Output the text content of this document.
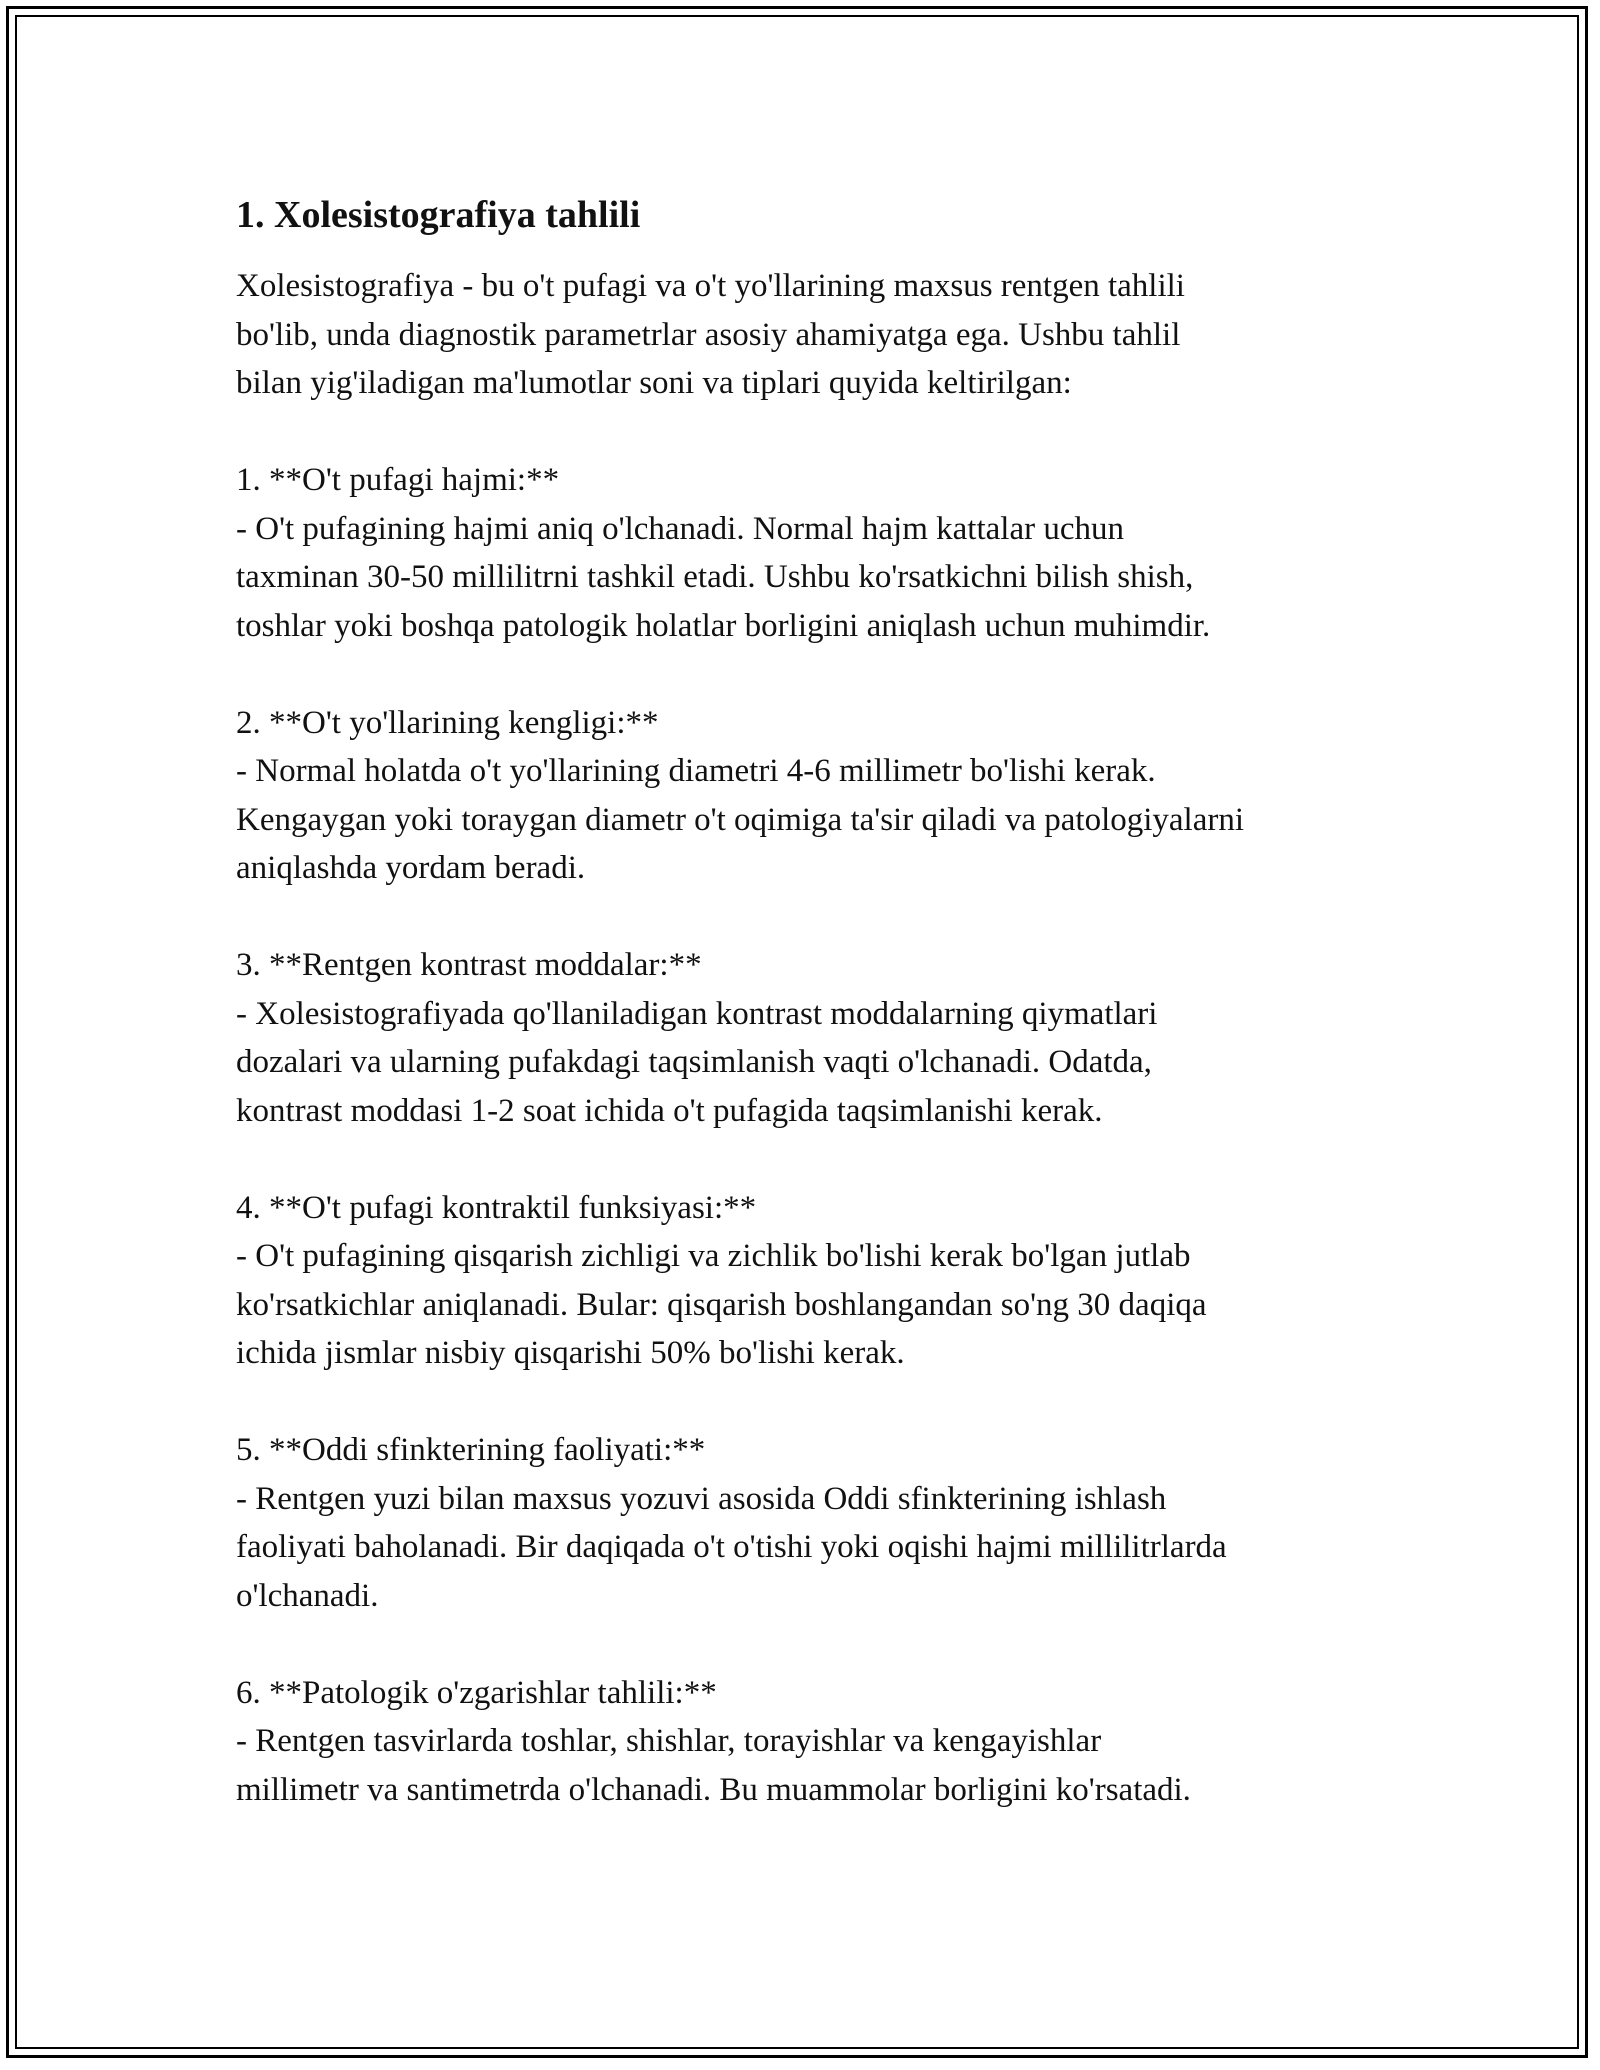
1. Xolesistografiya tahlili

Xolesistografiya - bu o't pufagi va o't yo'llarining maxsus rentgen tahlili
bo'lib, unda diagnostik parametrlar asosiy ahamiyatga ega. Ushbu tahlil
bilan yig'iladigan ma'lumotlar soni va tiplari quyida keltirilgan:

1. **O't pufagi hajmi:**
- O't pufagining hajmi aniq o'lchanadi. Normal hajm kattalar uchun
taxminan 30-50 millilitrni tashkil etadi. Ushbu ko'rsatkichni bilish shish,
toshlar yoki boshqa patologik holatlar borligini aniqlash uchun muhimdir.
2. **O't yo'llarining kengligi:**
- Normal holatda o't yo'llarining diametri 4-6 millimetr bo'lishi kerak.
Kengaygan yoki toraygan diametr o't oqimiga ta'sir qiladi va patologiyalarni
aniqlashda yordam beradi.
3. **Rentgen kontrast moddalar:**
- Xolesistografiyada qo'llaniladigan kontrast moddalarning qiymatlari
dozalari va ularning pufakdagi taqsimlanish vaqti o'lchanadi. Odatda,
kontrast moddasi 1-2 soat ichida o't pufagida taqsimlanishi kerak.
4. **O't pufagi kontraktil funksiyasi:**
- O't pufagining qisqarish zichligi va zichlik bo'lishi kerak bo'lgan jutlab
ko'rsatkichlar aniqlanadi. Bular: qisqarish boshlangandan so'ng 30 daqiqa
ichida jismlar nisbiy qisqarishi 50% bo'lishi kerak.
5. **Oddi sfinkterining faoliyati:**
- Rentgen yuzi bilan maxsus yozuvi asosida Oddi sfinkterining ishlash
faoliyati baholanadi. Bir daqiqada o't o'tishi yoki oqishi hajmi millilitrlarda
o'lchanadi.
6. **Patologik o'zgarishlar tahlili:**
- Rentgen tasvirlarda toshlar, shishlar, torayishlar va kengayishlar
millimetr va santimetrda o'lchanadi. Bu muammolar borligini ko'rsatadi.
